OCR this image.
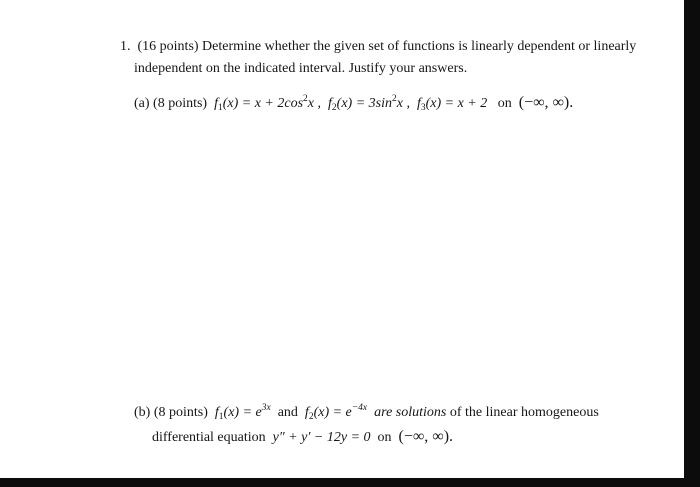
1. (16 points) Determine whether the given set of functions is linearly dependent or linearly
independent on the indicated interval. Justify your answers.
(a) (8 points) $f_1(x) = x + 2\cos^2x$ , $f_2(x) = 3\sin^2x$ , $f_3(x) = x + 2$ on (−∞, ∞).
(b) (8 points) $f_1(x) = e^{3x}$ and $f_2(x) = e^{-4x}$ are solutions of the linear homogeneous
differential equation y″ + y′ − 12y = 0 on (−∞, ∞).
